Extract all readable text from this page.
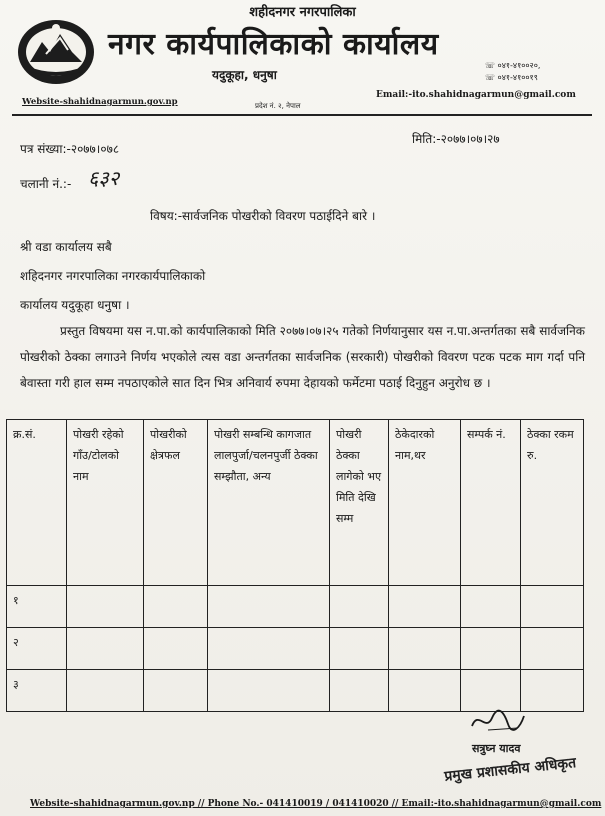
शहीदनगर नगरपालिका
नगर कार्यपालिकाको कार्यालय
यदुकूहा, धनुषा
प्रदेश नं. २, नेपाल
☏ ०४१-४१००२०,
☏ ०४१-४१००१९
Website-shahidnagarmun.gov.np
Email:-ito.shahidnagarmun@gmail.com
पत्र संख्या:-२०७७।०७८
मिति:-२०७७।०७।२७
चलानी नं.:- ६३२
विषय:-सार्वजनिक पोखरीको विवरण पठाईदिने बारे ।
श्री वडा कार्यालय सबै
शहिदनगर नगरपालिका नगरकार्यपालिकाको
कार्यालय यदुकूहा धनुषा ।
प्रस्तुत विषयमा यस न.पा.को कार्यपालिकाको मिति २०७७।०७।२५ गतेको निर्णयानुसार यस न.पा.अन्तर्गतका सबै सार्वजनिक पोखरीको ठेक्का लगाउने निर्णय भएकोले त्यस वडा अन्तर्गतका सार्वजनिक (सरकारी) पोखरीको विवरण पटक पटक माग गर्दा पनि बेवास्ता गरी हाल सम्म नपठाएकोले सात दिन भित्र अनिवार्य रुपमा देहायको फर्मेटमा पठाई दिनुहुन अनुरोध छ ।
क्र.सं.	पोखरी रहेको गाँउ/टोलको नाम	पोखरीको क्षेत्रफल	पोखरी सम्बन्धि कागजात लालपुर्जा/चलनपुर्जी ठेक्का सम्झौता, अन्य	पोखरी ठेक्का लागेको भए मिति देखि सम्म	ठेकेदारको नाम,थर	सम्पर्क नं.	ठेक्का रकम रु.
१							
२							
३							
सत्रुघ्न यादव
प्रमुख प्रशासकीय अधिकृत
Website-shahidnagarmun.gov.np // Phone No.- 041410019 / 041410020 // Email:-ito.shahidnagarmun@gmail.com
